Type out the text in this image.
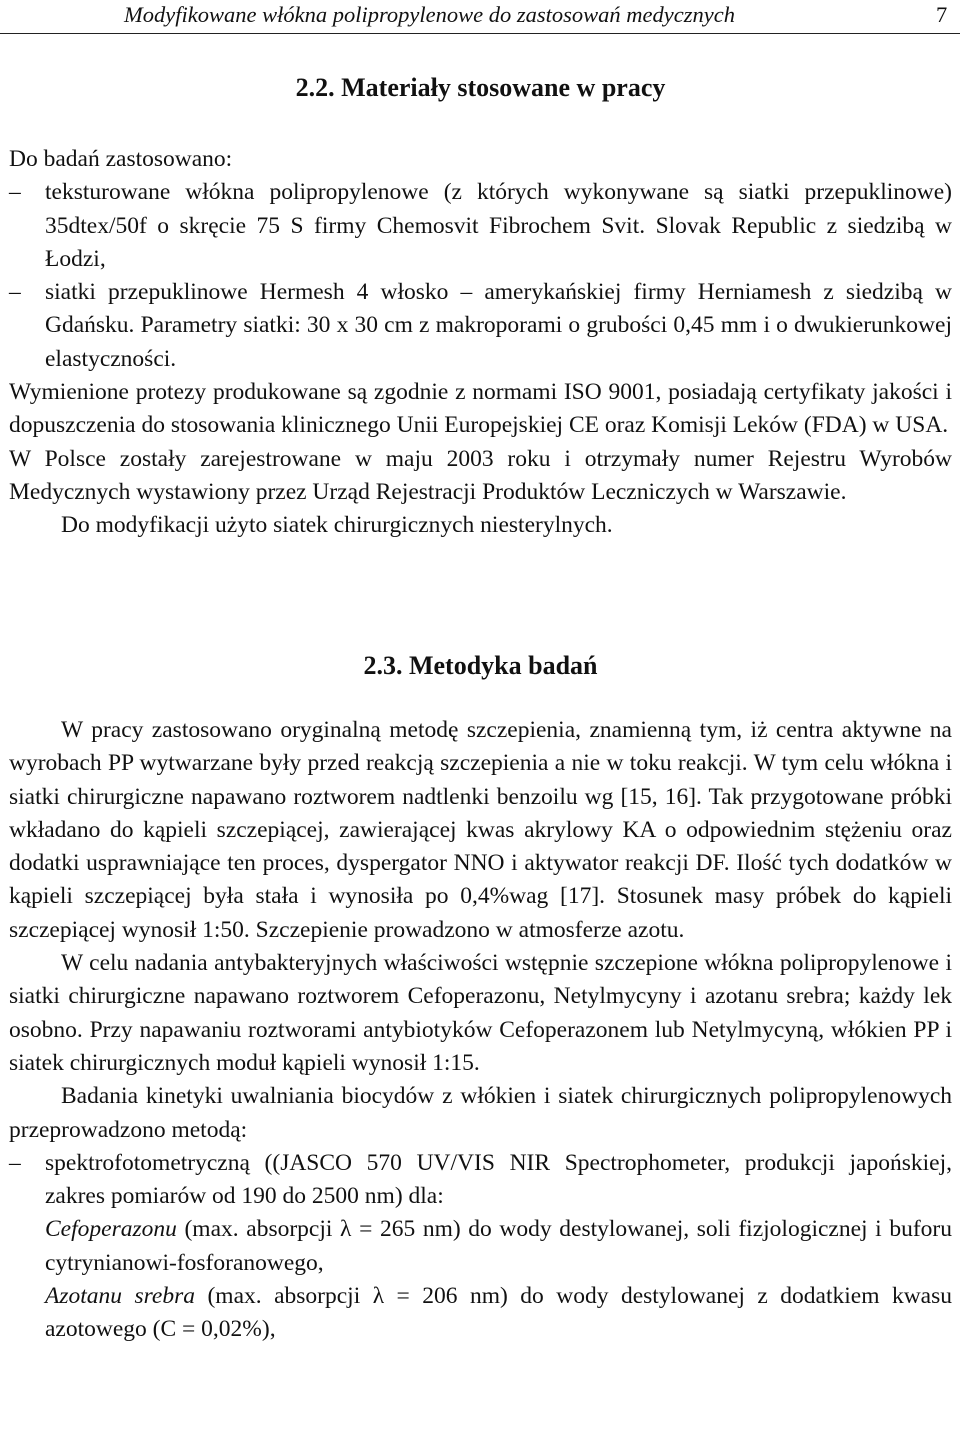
Modyfikowane włókna polipropylenowe do zastosowań medycznych	7
2.2. Materiały stosowane w pracy

Do badań zastosowano:

–	teksturowane włókna polipropylenowe (z których wykonywane są siatki przepuklinowe) 35dtex/50f o skręcie 75 S firmy Chemosvit Fibrochem Svit. Slovak Republic z siedzibą w Łodzi,

–	siatki przepuklinowe Hermesh 4 włosko – amerykańskiej firmy Herniamesh z siedzibą w Gdańsku. Parametry siatki: 30 x 30 cm z makroporami o grubości 0,45 mm i o dwukierunkowej elastyczności.

Wymienione protezy produkowane są zgodnie z normami ISO 9001, posiadają certyfikaty jakości i dopuszczenia do stosowania klinicznego Unii Europejskiej CE oraz Komisji Leków (FDA) w USA.

W Polsce zostały zarejestrowane w maju 2003 roku i otrzymały numer Rejestru Wyrobów Medycznych wystawiony przez Urząd Rejestracji Produktów Leczniczych w Warszawie.

Do modyfikacji użyto siatek chirurgicznych niesterylnych.

2.3. Metodyka badań

W pracy zastosowano oryginalną metodę szczepienia, znamienną tym, iż centra aktywne na wyrobach PP wytwarzane były przed reakcją szczepienia a nie w toku reakcji. W tym celu włókna i siatki chirurgiczne napawano roztworem nadtlenki benzoilu wg [15, 16]. Tak przygotowane próbki wkładano do kąpieli szczepiącej, zawierającej kwas akrylowy KA o odpowiednim stężeniu oraz dodatki usprawniające ten proces, dyspergator NNO i aktywator reakcji DF. Ilość tych dodatków w kąpieli szczepiącej była stała i wynosiła po 0,4%wag [17]. Stosunek masy próbek do kąpieli szczepiącej wynosił 1:50. Szczepienie prowadzono w atmosferze azotu.

W celu nadania antybakteryjnych właściwości wstępnie szczepione włókna polipropylenowe i siatki chirurgiczne napawano roztworem Cefoperazonu, Netylmycyny i azotanu srebra; każdy lek osobno. Przy napawaniu roztworami antybiotyków Cefoperazonem lub Netylmycyną, włókien PP i siatek chirurgicznych moduł kąpieli wynosił 1:15.

Badania kinetyki uwalniania biocydów z włókien i siatek chirurgicznych polipropylenowych przeprowadzono metodą:

–	spektrofotometryczną ((JASCO 570 UV/VIS NIR Spectrophometer, produkcji japońskiej, zakres pomiarów od 190 do 2500 nm) dla:

Cefoperazonu (max. absorpcji λ = 265 nm) do wody destylowanej, soli fizjologicznej i buforu cytrynianowi-fosforanowego,

Azotanu srebra (max. absorpcji λ = 206 nm) do wody destylowanej z dodatkiem kwasu azotowego (C = 0,02%),
